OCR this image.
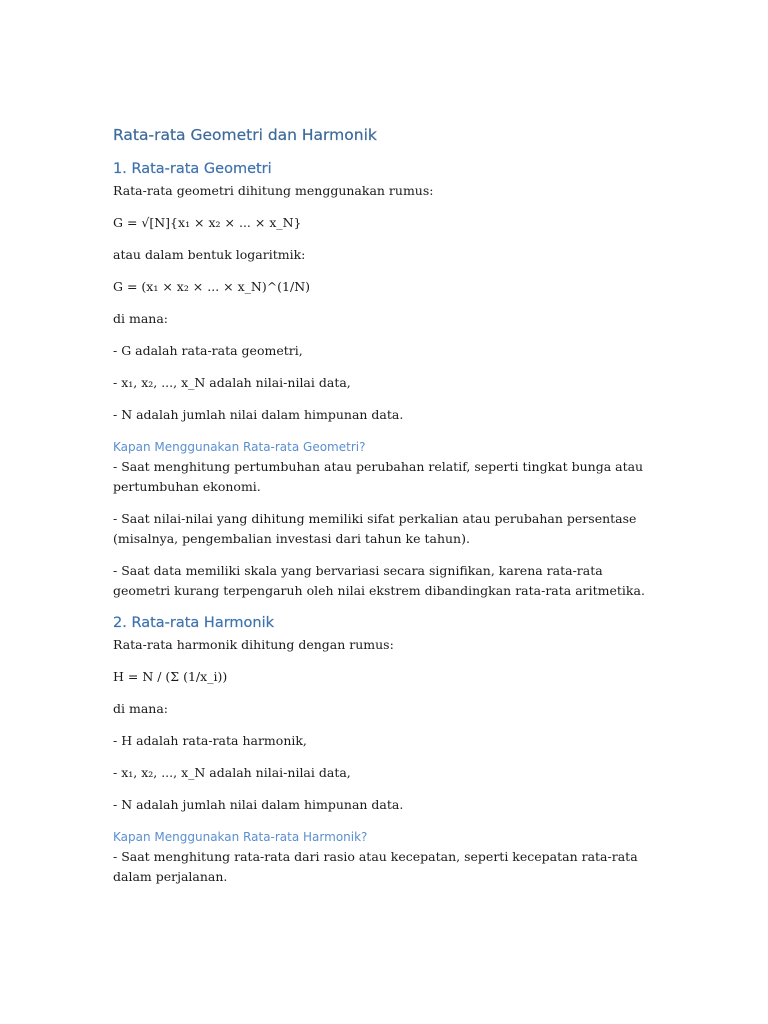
Rata-rata Geometri dan Harmonik
1. Rata-rata Geometri

Rata-rata geometri dihitung menggunakan rumus:

G = √[N]{x₁ × x₂ × ... × x_N}

atau dalam bentuk logaritmik:

G = (x₁ × x₂ × ... × x_N)^(1/N)

di mana:

- G adalah rata-rata geometri,

- x₁, x₂, ..., x_N adalah nilai-nilai data,

- N adalah jumlah nilai dalam himpunan data.

Kapan Menggunakan Rata-rata Geometri?

- Saat menghitung pertumbuhan atau perubahan relatif, seperti tingkat bunga atau pertumbuhan ekonomi.

- Saat nilai-nilai yang dihitung memiliki sifat perkalian atau perubahan persentase (misalnya, pengembalian investasi dari tahun ke tahun).

- Saat data memiliki skala yang bervariasi secara signifikan, karena rata-rata geometri kurang terpengaruh oleh nilai ekstrem dibandingkan rata-rata aritmetika.

2. Rata-rata Harmonik

Rata-rata harmonik dihitung dengan rumus:

H = N / (Σ (1/x_i))

di mana:

- H adalah rata-rata harmonik,

- x₁, x₂, ..., x_N adalah nilai-nilai data,

- N adalah jumlah nilai dalam himpunan data.

Kapan Menggunakan Rata-rata Harmonik?

- Saat menghitung rata-rata dari rasio atau kecepatan, seperti kecepatan rata-rata dalam perjalanan.
